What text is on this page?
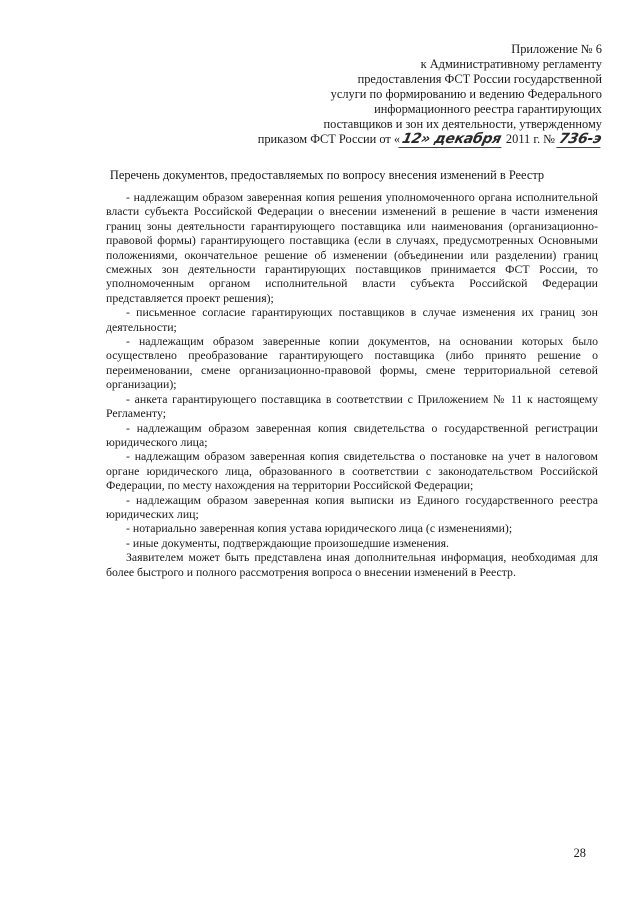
Приложение № 6
к Административному регламенту
предоставления ФСТ России государственной
услуги по формированию и ведению Федерального
информационного реестра гарантирующих
поставщиков и зон их деятельности, утвержденному
приказом ФСТ России от «12» декабря 2011 г. № 736-э
Перечень документов, предоставляемых по вопросу внесения изменений в Реестр

- надлежащим образом заверенная копия решения уполномоченного органа исполнительной власти субъекта Российской Федерации о внесении изменений в решение в части изменения границ зоны деятельности гарантирующего поставщика или наименования (организационно-правовой формы) гарантирующего поставщика (если в случаях, предусмотренных Основными положениями, окончательное решение об изменении (объединении или разделении) границ смежных зон деятельности гарантирующих поставщиков принимается ФСТ России, то уполномоченным органом исполнительной власти субъекта Российской Федерации представляется проект решения);

- письменное согласие гарантирующих поставщиков в случае изменения их границ зон деятельности;

- надлежащим образом заверенные копии документов, на основании которых было осуществлено преобразование гарантирующего поставщика (либо принято решение о переименовании, смене организационно-правовой формы, смене территориальной сетевой организации);

- анкета гарантирующего поставщика в соответствии с Приложением № 11 к настоящему Регламенту;

- надлежащим образом заверенная копия свидетельства о государственной регистрации юридического лица;

- надлежащим образом заверенная копия свидетельства о постановке на учет в налоговом органе юридического лица, образованного в соответствии с законодательством Российской Федерации, по месту нахождения на территории Российской Федерации;

- надлежащим образом заверенная копия выписки из Единого государственного реестра юридических лиц;

- нотариально заверенная копия устава юридического лица (с изменениями);

- иные документы, подтверждающие произошедшие изменения.

Заявителем может быть представлена иная дополнительная информация, необходимая для более быстрого и полного рассмотрения вопроса о внесении изменений в Реестр.

28
